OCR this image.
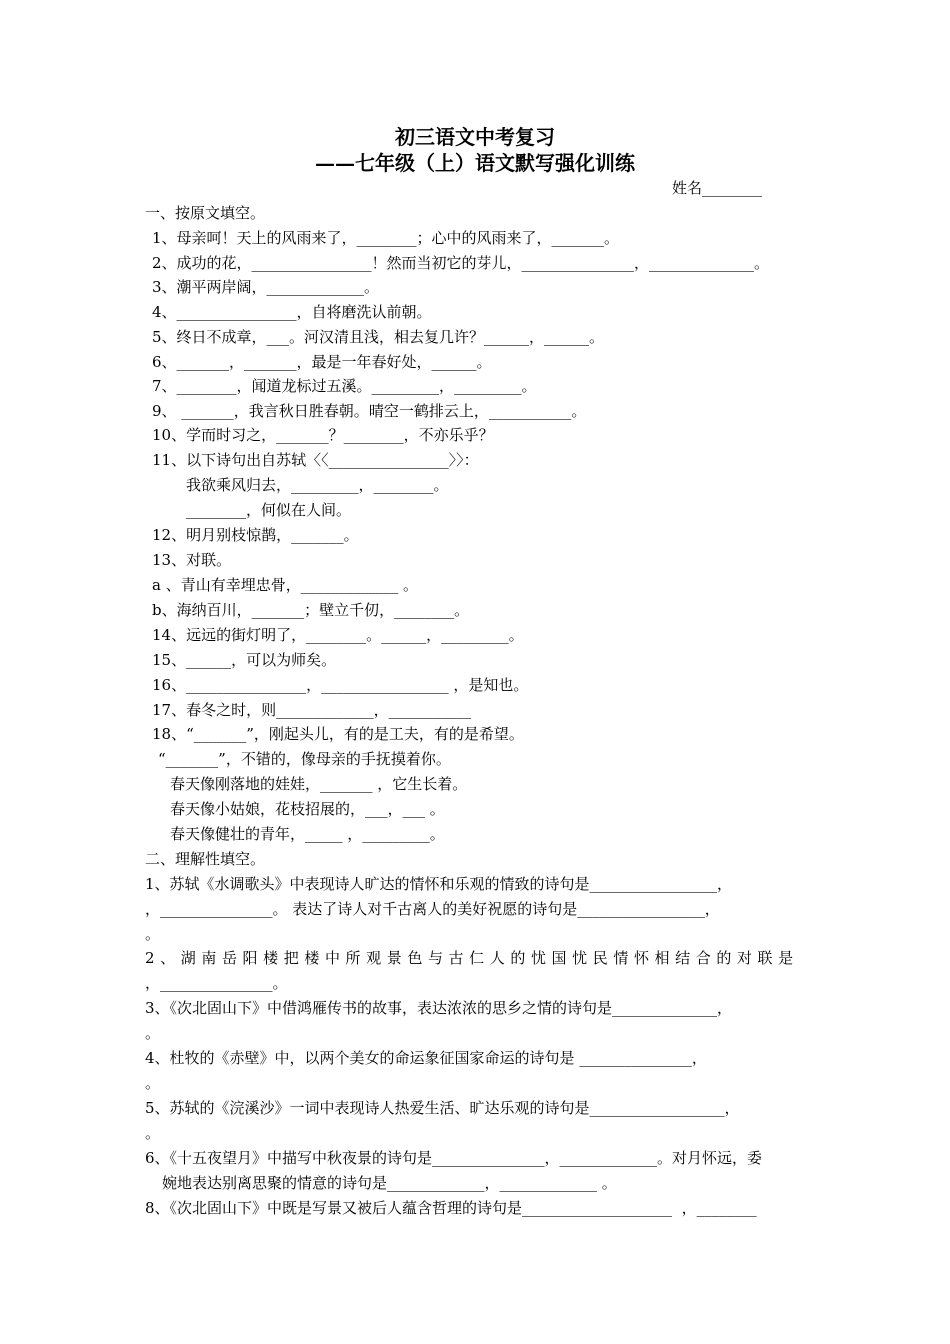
初三语文中考复习
——七年级（上）语文默写强化训练
姓名________
一、按原文填空。
1、母亲呵！天上的风雨来了，________；心中的风雨来了，_______。
2、成功的花，________________！然而当初它的芽儿，_______________，______________。
3、潮平两岸阔，_____________。
4、________________，自将磨洗认前朝。
5、终日不成章，___。河汉清且浅，相去复几许？______，______。
6、_______，_______，最是一年春好处，______。
7、________，闻道龙标过五溪。_________，_________。
9、 _______，我言秋日胜春朝。晴空一鹤排云上，___________。
10、学而时习之，_______？________，不亦乐乎？
11、以下诗句出自苏轼〈〈________________〉〉：
我欲乘风归去，_________，________。
________，何似在人间。
12、明月别枝惊鹊，_______。
13、对联。
a 、青山有幸埋忠骨，_____________ 。
b、海纳百川，_______；壁立千仞，________。
14、远远的街灯明了，________。______，_________。
15、______，可以为师矣。
16、________________，_________________ ，是知也。
17、春冬之时，则_____________，___________
18、“_______”，刚起头儿，有的是工夫，有的是希望。
“_______”，不错的，像母亲的手抚摸着你。
春天像刚落地的娃娃，_______ ，它生长着。
春天像小姑娘，花枝招展的，___，___ 。
春天像健壮的青年，_____ ，_________。
二、理解性填空。
1、苏轼《水调歌头》中表现诗人旷达的情怀和乐观的情致的诗句是_________________，
，_______________。 表达了诗人对千古离人的美好祝愿的诗句是_________________，
。
2、湖南岳阳楼把楼中所观景色与古仁人的忧国忧民情怀相结合的对联是
，_______________。
3、《次北固山下》中借鸿雁传书的故事，表达浓浓的思乡之情的诗句是______________，
。
4、杜牧的《赤壁》中，以两个美女的命运象征国家命运的诗句是 _______________，
。
5、苏轼的《浣溪沙》一词中表现诗人热爱生活、旷达乐观的诗句是__________________，
。
6、《十五夜望月》中描写中秋夜景的诗句是_______________，_____________。对月怀远，委
婉地表达别离思聚的情意的诗句是_____________，_____________ 。
8、《次北固山下》中既是写景又被后人蕴含哲理的诗句是____________________  ，________
